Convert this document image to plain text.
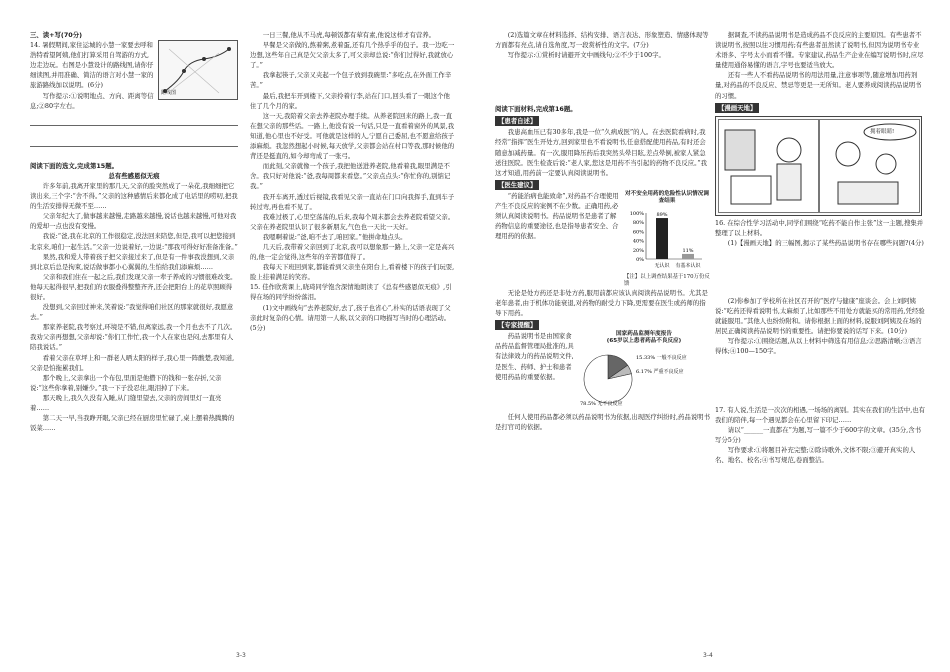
三、读+写(70分)
路线图

14. 暑假期间,家住运城的小慧一家要去呼和浩特看望阿姨,他们打算采用自驾游的方式,边走边玩。右图是小慧设计的路线图,请你仔细读图,并用准确、简洁的语言对小慧一家的旅游路线加以说明。(6分)

写作提示:①说明地点、方向、距离等信息;②80字左右。

阅读下面的选文,完成第15题。
总有些感恩似无痕

许多年前,我离开家里的那几天,父亲的脸突然成了一朵花,我细细把它读出来,三个字:“舍不得。”父亲的这种感情后来都化成了电话里的唠叨,把我的生活安排得无微不至……

父亲年纪大了,做事越来越慢,走路越来越慢,说话也越来越慢,可他对我的爱却一点也没有变慢。

我说:“爸,我在北京的工作很稳定,没法回来陪您,但是,我可以把您接到北京来,咱们一起生活。”父亲一边说着好,一边说:“那我可得好好准备准备。”

果然,我和爱人带着孩子把父亲接过来了,但是有一件事我没想到,父亲到北京后总是拘束,说话做事都小心翼翼的,生怕给我们添麻烦……

父亲和我们住在一起之后,我们发现父亲一辈子养成的习惯很难改变。他每天起得很早,把我们的衣服叠得整整齐齐,还会把阳台上的花草照顾得很好。

没想到,父亲回过神来,笑着说:“我觉得咱们社区的那家就很好,我愿意去。”

那家养老院,我考察过,环境是不错,但离家远,我一个月也去不了几次。我劝父亲再想想,父亲却说:“你们工作忙,我一个人在家也是闷,去那里有人陪我说话。”

看着父亲在草坪上和一群老人晒太阳的样子,我心里一阵酸楚,我知道,父亲是怕拖累我们。

那个晚上,父亲拿出一个布包,里面是他攒下的钱和一张存折,父亲说:“这些你拿着,别嫌少。”我一下子没忍住,眼泪掉了下来。

那天晚上,我久久没有入睡,从门缝里望去,父亲的房间里灯一直亮着……

第二天一早,当我睁开眼,父亲已经在厨房里忙碌了,桌上摆着热腾腾的饭菜……

一日三餐,他从不马虎,每顿饭都有荤有素,他说这样才有营养。

早餐是父亲做的,熬着粥,煮着蛋,还有几个热乎乎的包子。我一边吃一边想,这些年自己真是欠父亲太多了,可父亲却总说:“你们过得好,我就放心了。”

我拿起筷子,父亲又夹起一个包子放到我碗里:“多吃点,在外面工作辛苦。”

最后,我把车开到楼下,父亲拎着行李,站在门口,回头看了一眼这个他住了几个月的家。

这一天,我陪着父亲去养老院办理手续。从养老院回来的路上,我一直在想父亲的那些话。一路上,他没有说一句话,只是一直看着窗外的风景,我知道,他心里也不好受。可他就是这样的人,宁愿自己委屈,也不愿意给孩子添麻烦。我忽然想起小时候,每天放学,父亲都会站在村口等我,那时候他的背还是挺直的,如今却弯成了一张弓。

而此刻,父亲就像一个孩子,我把他送进养老院,他看着我,眼里满是不舍。我只好对他说:“爸,我每周都来看您。”父亲点点头:“你忙你的,别惦记我。”

我开车离开,透过后视镜,我看见父亲一直站在门口向我挥手,直到车子转过弯,再也看不见了。

我难过极了,心里空荡荡的,后来,我每个周末都会去养老院看望父亲。父亲在养老院里认识了很多新朋友,气色也一天比一天好。

我嗯啊着说:“爸,咱不去了,咱回家。”他拼命地点头。

几天后,我带着父亲回到了北京,我可以想象那一路上,父亲一定是高兴的,他一定会觉得,这些年的辛苦都值得了。

我每天下班回到家,都能看到父亲坐在阳台上,看着楼下的孩子们玩耍,脸上挂着满足的笑容。

15. 佳作欣赏课上,晓琦同学饱含深情地朗读了《总有些感恩似无痕》,引得在场的同学纷纷落泪。

(1)文中画线句“去养老院好,去了,孩子也省心”,朴实的话语表现了父亲此时复杂的心情。请用第一人称,以父亲的口吻描写当时的心理活动。(5分)

(2)选篇文章在材料选择、结构安排、语言表达、形象塑造、情感体现等方面都有亮点,请自选角度,写一段赏析性的文字。(7分)

写作提示:①赏析时请避开文中画线句;②不少于100字。

阅读下面材料,完成第16题。
【患者自述】

我患高血压已有30多年,我是一位“久病成医”的人。在去医院看病时,我经常“指挥”医生开处方,回到家里也不看说明书,任意搭配使用药品,有时还会随意加减药量。有一次,服用降压药后我突然头晕目眩,差点晕倒,被家人紧急送往医院。医生检查后说:“老人家,您这是用药不当引起的药物不良反应。”我这才知道,用药前一定要认真阅读说明书。

【医生建议】

“药能治病也能致命”,对药品不合理使用产生不良反应的案例不在少数。正确用药,必须认真阅读说明书。药品说明书是患者了解药物信息的重要途径,也是指导患者安全、合理用药的依据。

对不安全用药的危险性认识情况调查结果
100%
80%
60%
40%
20%
0%
89%
无认识
11%
有基本认识
【注】以上调查结果基于170万份反馈

无论是处方药还是非处方药,服用前都应该认真阅读药品说明书。尤其是老年患者,由于机体功能衰退,对药物的耐受力下降,更需要在医生或药师的指导下用药。

【专家提醒】

药品说明书是由国家食品药品监督管理局批准的,具有法律效力的药品说明文件,是医生、药师、护士和患者使用药品的重要依据。

国家药品监测年度报告
(65岁以上患者药品不良反应)
15.33% 一般不良反应
6.17% 严重不良反应
78.5% 无不良反应

任何人使用药品都必须以药品说明书为依据,出现医疗纠纷时,药品说明书是打官司的依据。

据调查,不读药品说明书是造成药品不良反应的主要原因。有些患者不读说明书,按照以往习惯用药;有些患者虽然读了说明书,但因为说明书专业术语多、字号太小而看不懂。专家建议,药品生产企业在编写说明书时,应尽量使用通俗易懂的语言,字号也要适当放大。

还有一些人不看药品说明书的用法用量,注意事项等,随意增加用药剂量,对药品的不良反应、禁忌等更是一无所知。老人要养成阅读药品说明书的习惯。

【漫画天地】
拥着眼睛!

16. 在综合性学习活动中,同学们围绕“吃药不能自作主张”这一主题,搜集并整理了以上材料。

(1)【漫画天地】的三幅图,揭示了某些药品说明书存在哪些问题?(4分)

(2)你参加了学校所在社区召开的“医疗与健康”座谈会。会上刘阿姨说:“吃药还得看说明书,太麻烦了,比如那些不用处方就能买的常用药,凭经验就能服用。”其他人也纷纷附和。请你根据上面的材料,说服刘阿姨及在场的居民正确阅读药品说明书的重要性。请把你要说的话写下来。(10分)

写作提示:①围绕话题,从以上材料中筛选有用信息;②思路清晰;③语言得体;④100—150字。

17. 有人说,生活是一次次的相遇,一场场的离别。其实在我们的生活中,也有我们的陪伴,每一个遇见都会在心里留下印记……

请以“______一直都在”为题,写一篇不少于600字的文章。(35分,含书写分5分)

写作要求:①将题目补充完整;②除诗歌外,文体不限;③避开真实的人名、地名、校名;④书写规范,卷面整洁。

3-3	3-4
